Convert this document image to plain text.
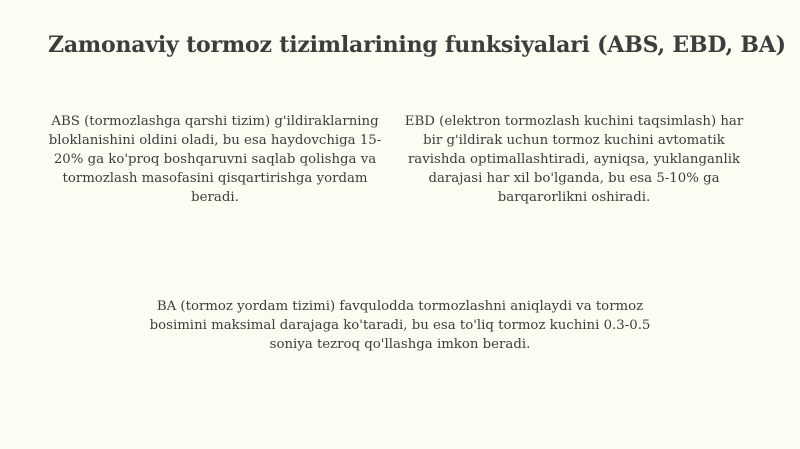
Zamonaviy tormoz tizimlarining funksiyalari (ABS, EBD, BA)
ABS (tormozlashga qarshi tizim) g'ildiraklarning bloklanishini oldini oladi, bu esa haydovchiga 15-20% ga ko'proq boshqaruvni saqlab qolishga va tormozlash masofasini qisqartirishga yordam beradi.
EBD (elektron tormozlash kuchini taqsimlash) har bir g'ildirak uchun tormoz kuchini avtomatik ravishda optimallashtiradi, ayniqsa, yuklanganlik darajasi har xil bo'lganda, bu esa 5-10% ga barqarorlikni oshiradi.
BA (tormoz yordam tizimi) favqulodda tormozlashni aniqlaydi va tormoz bosimini maksimal darajaga ko'taradi, bu esa to'liq tormoz kuchini 0.3-0.5 soniya tezroq qo'llashga imkon beradi.
